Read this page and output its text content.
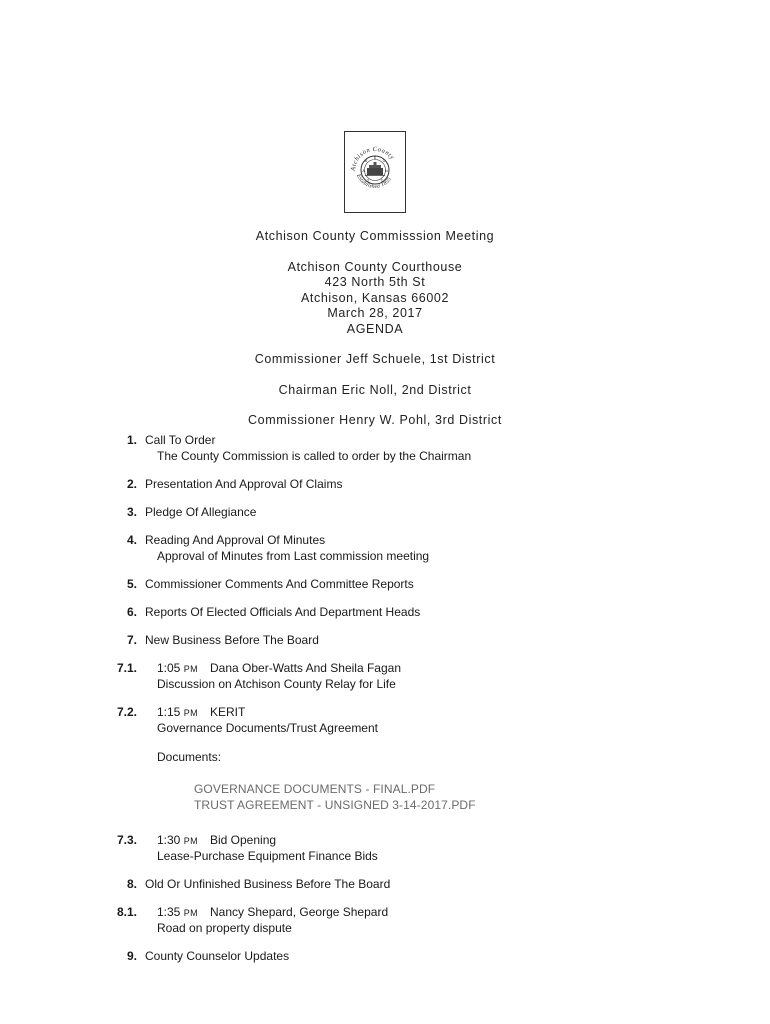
Atchison County
Established 1855
D
A	O
A	N
T	C
Atchison County Commisssion Meeting
Atchison County Courthouse
423 North 5th St
Atchison, Kansas 66002
March 28, 2017
AGENDA
Commissioner Jeff Schuele, 1st District
Chairman Eric Noll, 2nd District
Commissioner Henry W. Pohl, 3rd District
1. Call To Order
The County Commission is called to order by the Chairman
2. Presentation And Approval Of Claims
3. Pledge Of Allegiance
4. Reading And Approval Of Minutes
Approval of Minutes from Last commission meeting
5. Commissioner Comments And Committee Reports
6. Reports Of Elected Officials And Department Heads
7. New Business Before The Board
7.1. 1:05 PM Dana Ober-Watts And Sheila Fagan
Discussion on Atchison County Relay for Life
7.2. 1:15 PM KERIT
Governance Documents/Trust Agreement
Documents:
GOVERNANCE DOCUMENTS - FINAL.PDF
TRUST AGREEMENT - UNSIGNED 3-14-2017.PDF
7.3. 1:30 PM Bid Opening
Lease-Purchase Equipment Finance Bids
8. Old Or Unfinished Business Before The Board
8.1. 1:35 PM Nancy Shepard, George Shepard
Road on property dispute
9. County Counselor Updates
